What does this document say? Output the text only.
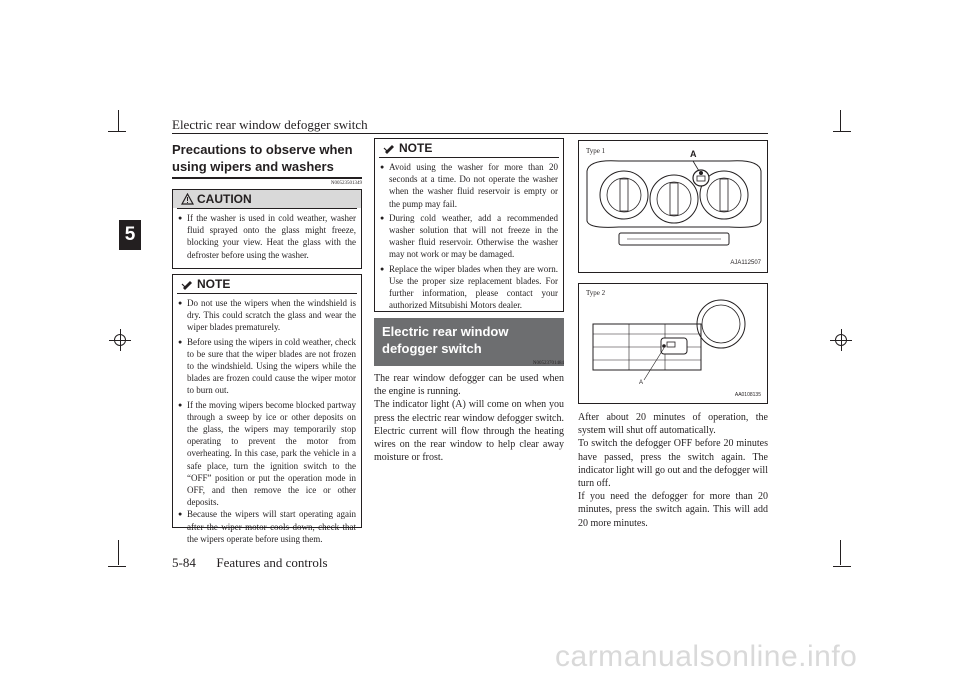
Electric rear window defogger switch
5
Precautions to observe when using wipers and washers
N00523501349
CAUTION
● If the washer is used in cold weather, washer fluid sprayed onto the glass might freeze, blocking your view. Heat the glass with the defroster before using the washer.
NOTE
● Do not use the wipers when the windshield is dry. This could scratch the glass and wear the wiper blades prematurely.
● Before using the wipers in cold weather, check to be sure that the wiper blades are not frozen to the windshield. Using the wipers while the blades are frozen could cause the wiper motor to burn out.
● If the moving wipers become blocked partway through a sweep by ice or other deposits on the glass, the wipers may temporarily stop operating to prevent the motor from overheating. In this case, park the vehicle in a safe place, turn the ignition switch to the “OFF” position or put the operation mode in OFF, and then remove the ice or other deposits.
● Because the wipers will start operating again after the wiper motor cools down, check that the wipers operate before using them.
NOTE
● Avoid using the washer for more than 20 seconds at a time. Do not operate the washer when the washer fluid reservoir is empty or the pump may fail.
● During cold weather, add a recommended washer solution that will not freeze in the washer fluid reservoir. Otherwise the washer may not work or may be damaged.
● Replace the wiper blades when they are worn. Use the proper size replacement blades. For further information, please contact your authorized Mitsubishi Motors dealer.
Electric rear window defogger switch
N00523701484
The rear window defogger can be used when the engine is running.
The indicator light (A) will come on when you press the electric rear window defogger switch. Electric current will flow through the heating wires on the rear window to help clear away moisture or frost.
Type 1	A
AJA112507
Type 2
A
AA0108135
After about 20 minutes of operation, the system will shut off automatically.
To switch the defogger OFF before 20 minutes have passed, press the switch again. The indicator light will go out and the defogger will turn off.
If you need the defogger for more than 20 minutes, press the switch again. This will add 20 more minutes.
5-84 Features and controls
carmanualsonline.info
